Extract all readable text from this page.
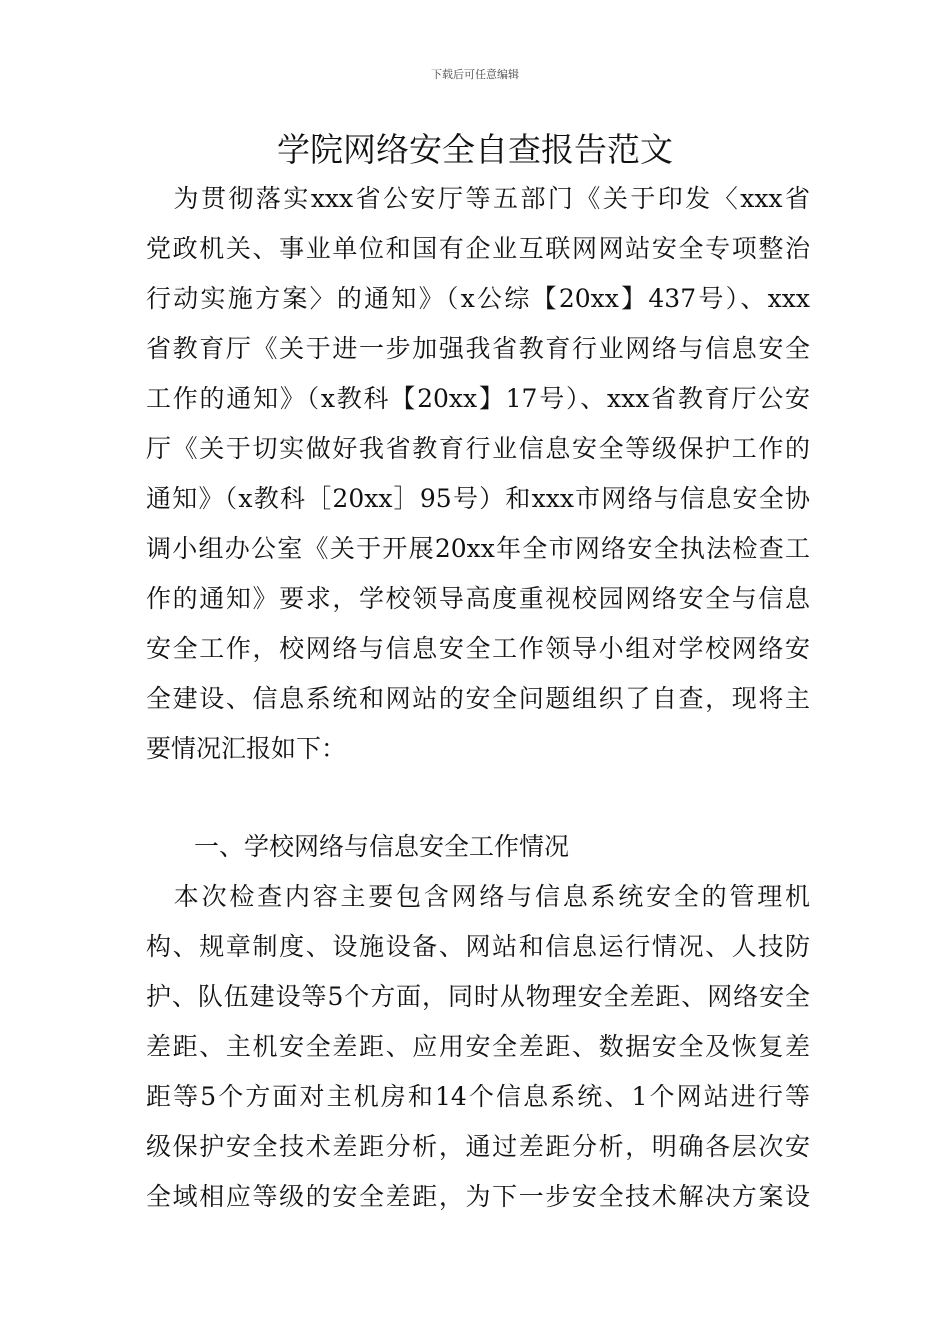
下载后可任意编辑
学院网络安全自查报告范文
　为贯彻落实xxx省公安厅等五部门《关于印发〈xxx省
党政机关、事业单位和国有企业互联网网站安全专项整治
行动实施方案〉的通知》（x公综【20xx】437号）、xxx
省教育厅《关于进一步加强我省教育行业网络与信息安全
工作的通知》（x教科【20xx】17号）、xxx省教育厅公安
厅《关于切实做好我省教育行业信息安全等级保护工作的
通知》（x教科［20xx］95号）和xxx市网络与信息安全协
调小组办公室《关于开展20xx年全市网络安全执法检查工
作的通知》要求，学校领导高度重视校园网络安全与信息
安全工作，校网络与信息安全工作领导小组对学校网络安
全建设、信息系统和网站的安全问题组织了自查，现将主
要情况汇报如下：
一、学校网络与信息安全工作情况
　本次检查内容主要包含网络与信息系统安全的管理机
构、规章制度、设施设备、网站和信息运行情况、人技防
护、队伍建设等5个方面，同时从物理安全差距、网络安全
差距、主机安全差距、应用安全差距、数据安全及恢复差
距等5个方面对主机房和14个信息系统、1个网站进行等
级保护安全技术差距分析，通过差距分析，明确各层次安
全域相应等级的安全差距，为下一步安全技术解决方案设
